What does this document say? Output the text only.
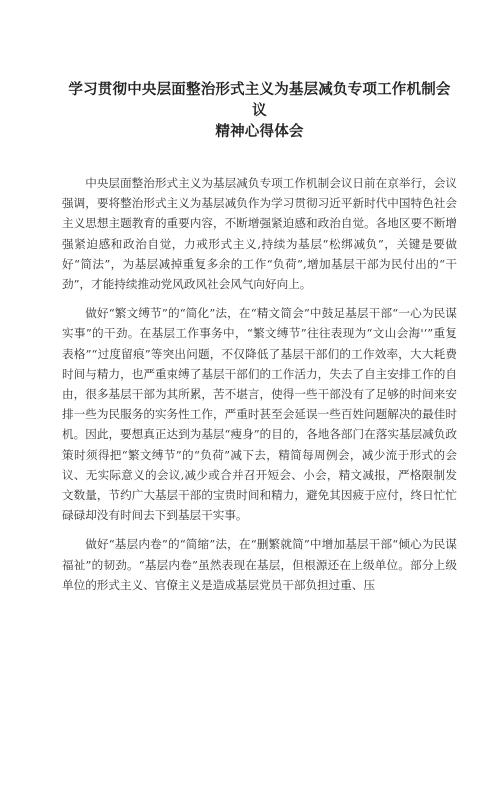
学习贯彻中央层面整治形式主义为基层减负专项工作机制会议
精神心得体会

中央层面整治形式主义为基层减负专项工作机制会议日前在京举行，会议强调，要将整治形式主义为基层减负作为学习贯彻习近平新时代中国特色社会主义思想主题教育的重要内容，不断增强紧迫感和政治自觉。各地区要不断增强紧迫感和政治自觉，力戒形式主义,持续为基层“松绑减负”，关键是要做好“简法”，为基层减掉重复多余的工作“负荷”,增加基层干部为民付出的“干劲”，才能持续推动党风政风社会风气向好向上。

做好“繁文缚节”的“简化”法，在“精文简会”中鼓足基层干部“一心为民谋实事”的干劲。在基层工作事务中，“繁文缚节”往往表现为“文山会海'‘”重复表格”“过度留痕”等突出问题，不仅降低了基层干部们的工作效率，大大耗费时间与精力，也严重束缚了基层干部们的工作活力，失去了自主安排工作的自由，很多基层干部为其所累，苦不堪言，使得一些干部没有了足够的时间来安排一些为民服务的实务性工作，严重时甚至会延误一些百姓问题解决的最佳时机。因此，要想真正达到为基层“瘦身”的目的，各地各部门在落实基层减负政策时须得把“繁文缚节”的“负荷”减下去，精简每周例会，减少流于形式的会议、无实际意义的会议,减少或合并召开短会、小会，精文减报，严格限制发文数量，节约广大基层干部的宝贵时间和精力，避免其因疲于应付，终日忙忙碌碌却没有时间去下到基层干实事。

做好“基层内卷”的“简缩”法，在“删繁就简”中增加基层干部“倾心为民谋福祉”的韧劲。“基层内卷”虽然表现在基层，但根源还在上级单位。部分上级单位的形式主义、官僚主义是造成基层党员干部负担过重、压
